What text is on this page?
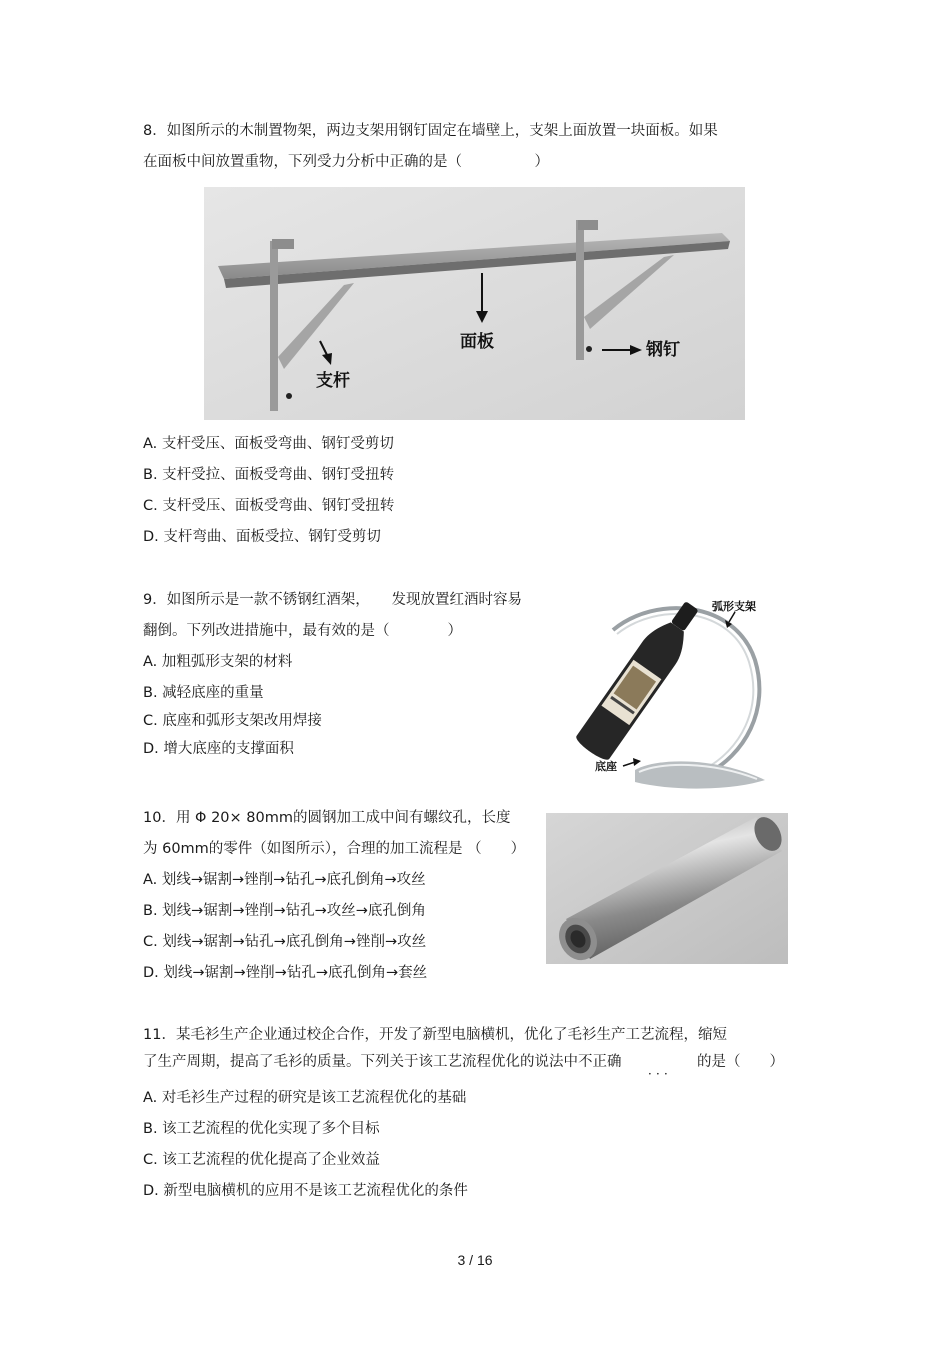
8．如图所示的木制置物架，两边支架用钢钉固定在墙壁上，支架上面放置一块面板。如果
在面板中间放置重物，下列受力分析中正确的是（　　　　　）
面板	钢钉
支杆
A. 支杆受压、面板受弯曲、钢钉受剪切
B. 支杆受拉、面板受弯曲、钢钉受扭转
C. 支杆受压、面板受弯曲、钢钉受扭转
D. 支杆弯曲、面板受拉、钢钉受剪切
9．如图所示是一款不锈钢红酒架，　　发现放置红酒时容易
翻倒。下列改进措施中，最有效的是（　　　　）
弧形支架
底座
A. 加粗弧形支架的材料
B. 减轻底座的重量
C. 底座和弧形支架改用焊接
D. 增大底座的支撑面积
10．用 Φ 20× 80mm的圆钢加工成中间有螺纹孔，长度
为 60mm的零件（如图所示），合理的加工流程是 （　　）
A. 划线→锯割→锉削→钻孔→底孔倒角→攻丝
B. 划线→锯割→锉削→钻孔→攻丝→底孔倒角
C. 划线→锯割→钻孔→底孔倒角→锉削→攻丝
D. 划线→锯割→锉削→钻孔→底孔倒角→套丝
11．某毛衫生产企业通过校企合作，开发了新型电脑横机，优化了毛衫生产工艺流程，缩短
了生产周期，提高了毛衫的质量。下列关于该工艺流程优化的说法中不正确 ．．． 的是（　　）
A. 对毛衫生产过程的研究是该工艺流程优化的基础
B. 该工艺流程的优化实现了多个目标
C. 该工艺流程的优化提高了企业效益
D. 新型电脑横机的应用不是该工艺流程优化的条件
3 / 16
